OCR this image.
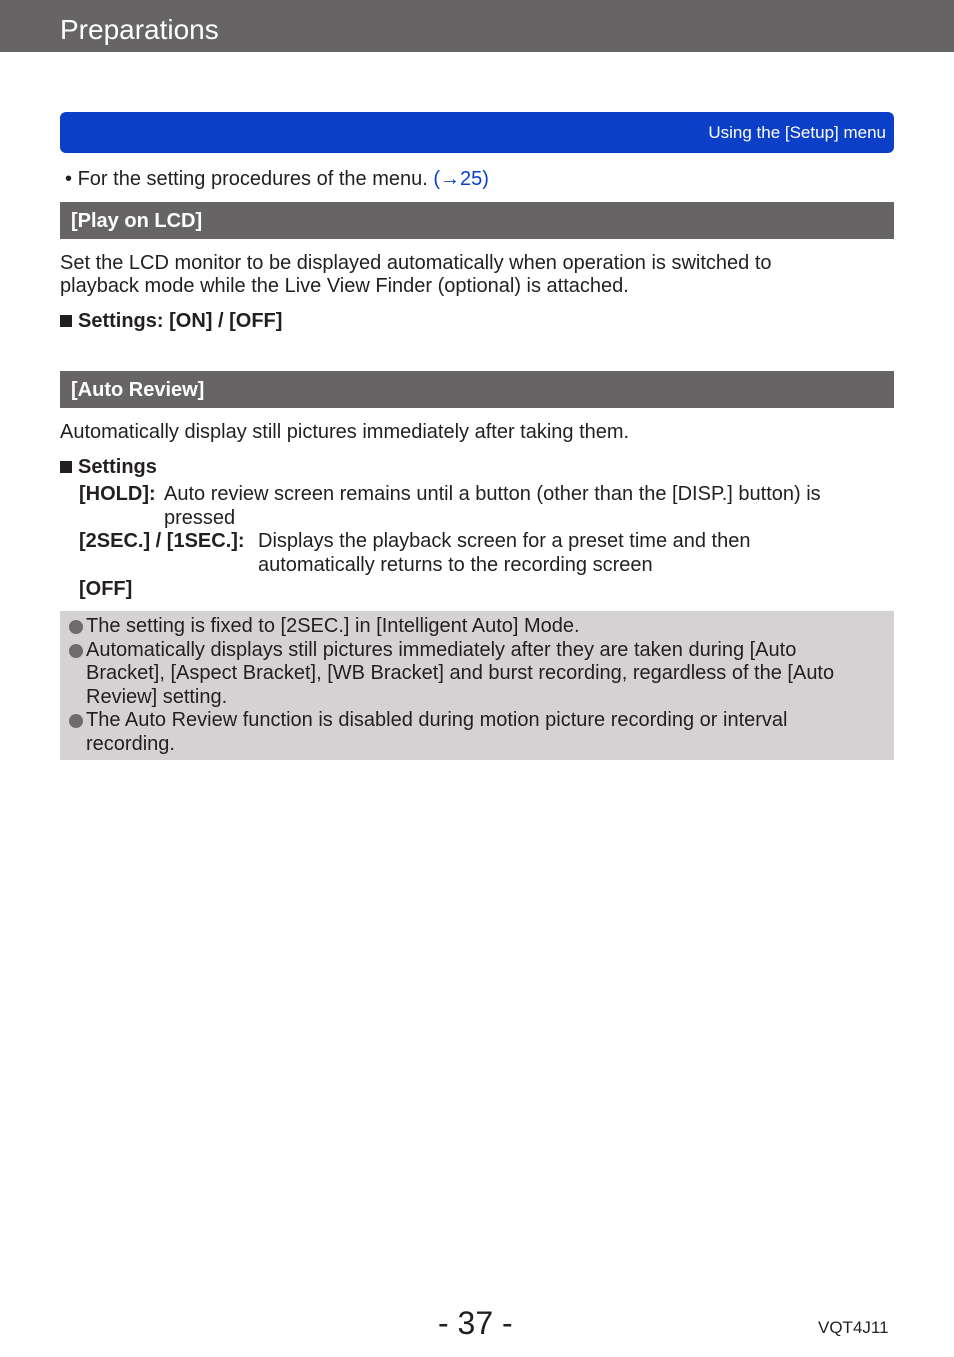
Preparations
Using the [Setup] menu
• For the setting procedures of the menu. (→25)
[Play on LCD]
Set the LCD monitor to be displayed automatically when operation is switched to
playback mode while the Live View Finder (optional) is attached.
Settings: [ON] / [OFF]
[Auto Review]
Automatically display still pictures immediately after taking them.
Settings
[HOLD]: Auto review screen remains until a button (other than the [DISP.] button) is
pressed
[2SEC.] / [1SEC.]: Displays the playback screen for a preset time and then
automatically returns to the recording screen
[OFF]
The setting is fixed to [2SEC.] in [Intelligent Auto] Mode.
Automatically displays still pictures immediately after they are taken during [Auto
Bracket], [Aspect Bracket], [WB Bracket] and burst recording, regardless of the [Auto
Review] setting.
The Auto Review function is disabled during motion picture recording or interval
recording.
- 37 -	VQT4J11
